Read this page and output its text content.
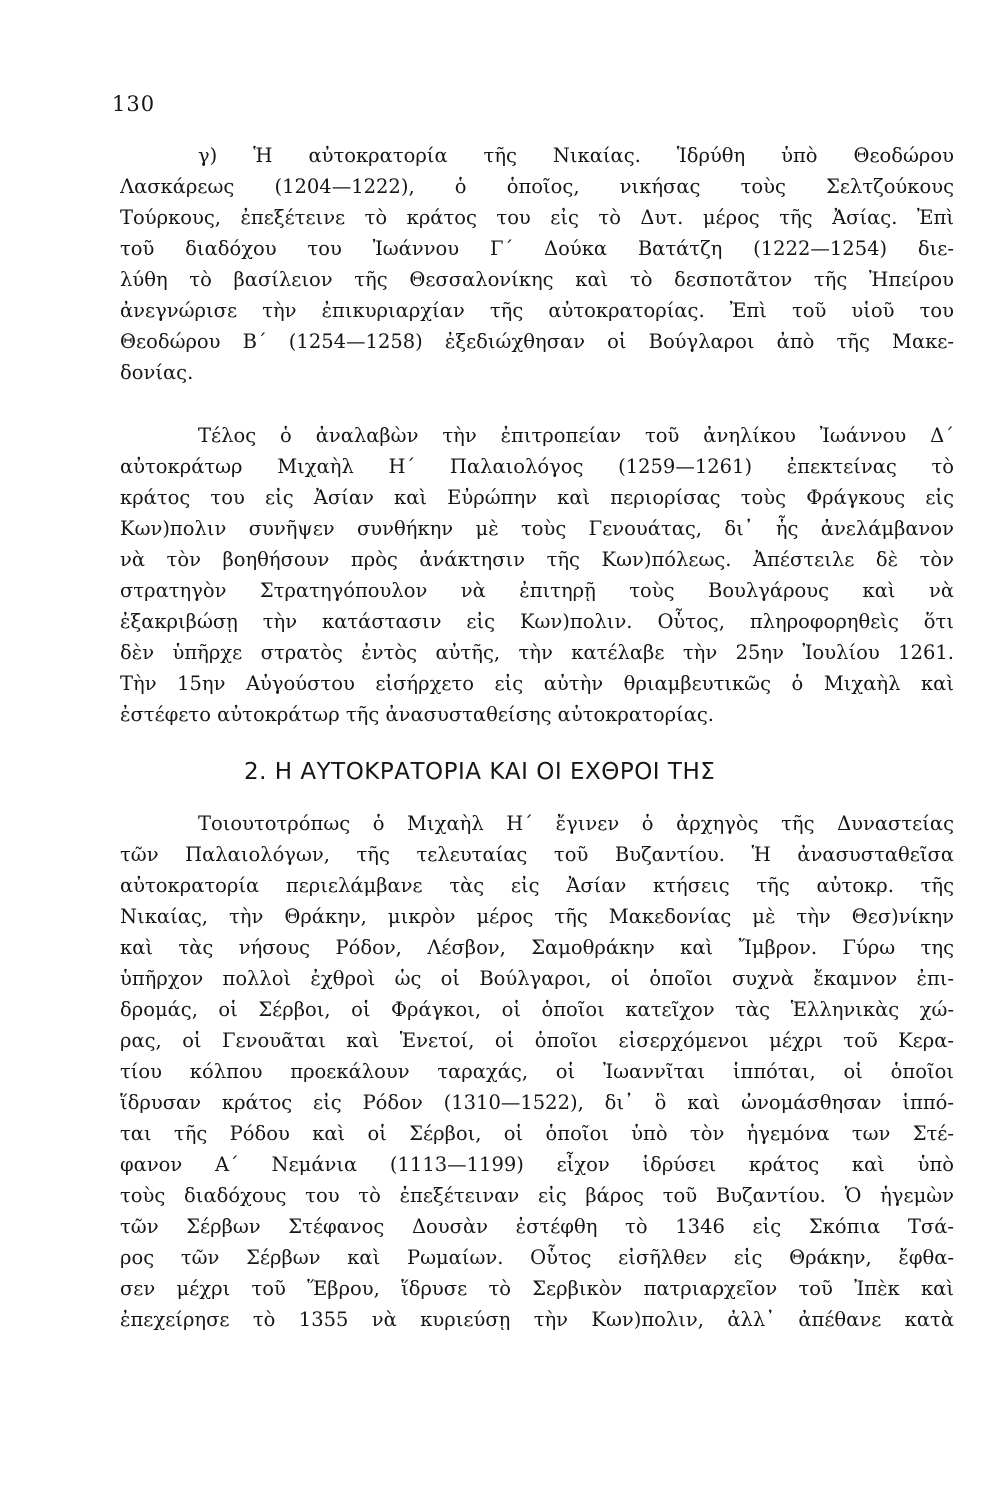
130
γ) Ἡ αὐτοκρατορία τῆς Νικαίας. Ἱδρύθη ὑπὸ Θεοδώρου
Λασκάρεως (1204—1222), ὁ ὁποῖος, νικήσας τοὺς Σελτζούκους
Τούρκους, ἐπεξέτεινε τὸ κράτος του εἰς τὸ Δυτ. μέρος τῆς Ἀσίας. Ἐπὶ
τοῦ διαδόχου του Ἰωάννου Γ΄ Δούκα Βατάτζη (1222—1254) διε-
λύθη τὸ βασίλειον τῆς Θεσσαλονίκης καὶ τὸ δεσποτᾶτον τῆς Ἠπείρου
ἀνεγνώρισε τὴν ἐπικυριαρχίαν τῆς αὐτοκρατορίας. Ἐπὶ τοῦ υἱοῦ του
Θεοδώρου Β΄ (1254—1258) ἐξεδιώχθησαν οἱ Βούγλαροι ἀπὸ τῆς Μακε-
δονίας.
Τέλος ὁ ἀναλαβὼν τὴν ἐπιτροπείαν τοῦ ἀνηλίκου Ἰωάννου Δ΄
αὐτοκράτωρ Μιχαὴλ Η΄ Παλαιολόγος (1259—1261) ἐπεκτείνας τὸ
κράτος του εἰς Ἀσίαν καὶ Εὐρώπην καὶ περιορίσας τοὺς Φράγκους εἰς
Κων)πολιν συνῆψεν συνθήκην μὲ τοὺς Γενουάτας, δι᾽ ἧς ἀνελάμβανον
νὰ τὸν βοηθήσουν πρὸς ἀνάκτησιν τῆς Κων)πόλεως. Ἀπέστειλε δὲ τὸν
στρατηγὸν Στρατηγόπουλον νὰ ἐπιτηρῇ τοὺς Βουλγάρους καὶ νὰ
ἐξακριβώσῃ τὴν κατάστασιν εἰς Κων)πολιν. Οὗτος, πληροφορηθεὶς ὅτι
δὲν ὑπῆρχε στρατὸς ἐντὸς αὐτῆς, τὴν κατέλαβε τὴν 25ην Ἰουλίου 1261.
Τὴν 15ην Αὐγούστου εἰσήρχετο εἰς αὐτὴν θριαμβευτικῶς ὁ Μιχαὴλ καὶ
ἐστέφετο αὐτοκράτωρ τῆς ἀνασυσταθείσης αὐτοκρατορίας.
2. Η ΑΥΤΟΚΡΑΤΟΡΙΑ ΚΑΙ ΟΙ ΕΧΘΡΟΙ ΤΗΣ
Τοιουτοτρόπως ὁ Μιχαὴλ Η΄ ἔγινεν ὁ ἀρχηγὸς τῆς Δυναστείας
τῶν Παλαιολόγων, τῆς τελευταίας τοῦ Βυζαντίου. Ἡ ἀνασυσταθεῖσα
αὐτοκρατορία περιελάμβανε τὰς εἰς Ἀσίαν κτήσεις τῆς αὐτοκρ. τῆς
Νικαίας, τὴν Θράκην, μικρὸν μέρος τῆς Μακεδονίας μὲ τὴν Θεσ)νίκην
καὶ τὰς νήσους Ρόδον, Λέσβον, Σαμοθράκην καὶ Ἴμβρον. Γύρω της
ὑπῆρχον πολλοὶ ἐχθροὶ ὡς οἱ Βούλγαροι, οἱ ὁποῖοι συχνὰ ἔκαμνον ἐπι-
δρομάς, οἱ Σέρβοι, οἱ Φράγκοι, οἱ ὁποῖοι κατεῖχον τὰς Ἑλληνικὰς χώ-
ρας, οἱ Γενουᾶται καὶ Ἑνετοί, οἱ ὁποῖοι εἰσερχόμενοι μέχρι τοῦ Κερα-
τίου κόλπου προεκάλουν ταραχάς, οἱ Ἰωαννῖται ἱππόται, οἱ ὁποῖοι
ἵδρυσαν κράτος εἰς Ρόδον (1310—1522), δι᾽ ὃ καὶ ὠνομάσθησαν ἱππό-
ται τῆς Ρόδου καὶ οἱ Σέρβοι, οἱ ὁποῖοι ὑπὸ τὸν ἡγεμόνα των Στέ-
φανον Α΄ Νεμάνια (1113—1199) εἶχον ἱδρύσει κράτος καὶ ὑπὸ
τοὺς διαδόχους του τὸ ἐπεξέτειναν εἰς βάρος τοῦ Βυζαντίου. Ὁ ἡγεμὼν
τῶν Σέρβων Στέφανος Δουσὰν ἐστέφθη τὸ 1346 εἰς Σκόπια Τσά-
ρος τῶν Σέρβων καὶ Ρωμαίων. Οὗτος εἰσῆλθεν εἰς Θράκην, ἔφθα-
σεν μέχρι τοῦ Ἕβρου, ἵδρυσε τὸ Σερβικὸν πατριαρχεῖον τοῦ Ἰπὲκ καὶ
ἐπεχείρησε τὸ 1355 νὰ κυριεύσῃ τὴν Κων)πολιν, ἀλλ᾽ ἀπέθανε κατὰ
